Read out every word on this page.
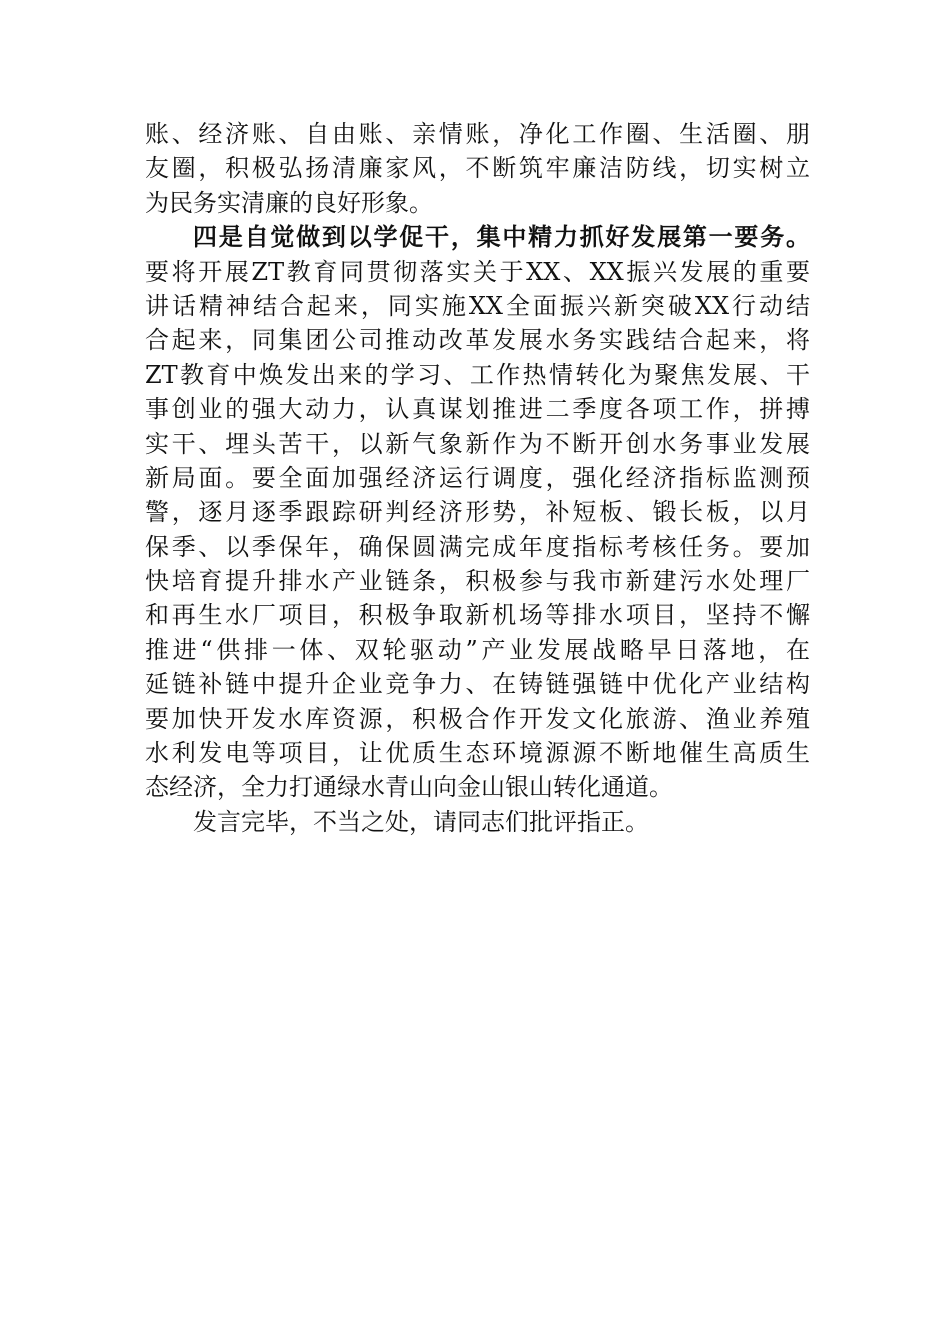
账、经济账、自由账、亲情账，净化工作圈、生活圈、朋
友圈，积极弘扬清廉家风，不断筑牢廉洁防线，切实树立
为民务实清廉的良好形象。
四是自觉做到以学促干，集中精力抓好发展第一要务。
要将开展ZT教育同贯彻落实关于XX、XX振兴发展的重要
讲话精神结合起来，同实施XX全面振兴新突破XX行动结
合起来，同集团公司推动改革发展水务实践结合起来，将
ZT教育中焕发出来的学习、工作热情转化为聚焦发展、干
事创业的强大动力，认真谋划推进二季度各项工作，拼搏
实干、埋头苦干，以新气象新作为不断开创水务事业发展
新局面。要全面加强经济运行调度，强化经济指标监测预
警，逐月逐季跟踪研判经济形势，补短板、锻长板，以月
保季、以季保年，确保圆满完成年度指标考核任务。要加
快培育提升排水产业链条，积极参与我市新建污水处理厂
和再生水厂项目，积极争取新机场等排水项目，坚持不懈
推进“供排一体、双轮驱动”产业发展战略早日落地，在
延链补链中提升企业竞争力、在铸链强链中优化产业结构
要加快开发水库资源，积极合作开发文化旅游、渔业养殖
水利发电等项目，让优质生态环境源源不断地催生高质生
态经济，全力打通绿水青山向金山银山转化通道。
发言完毕，不当之处，请同志们批评指正。
